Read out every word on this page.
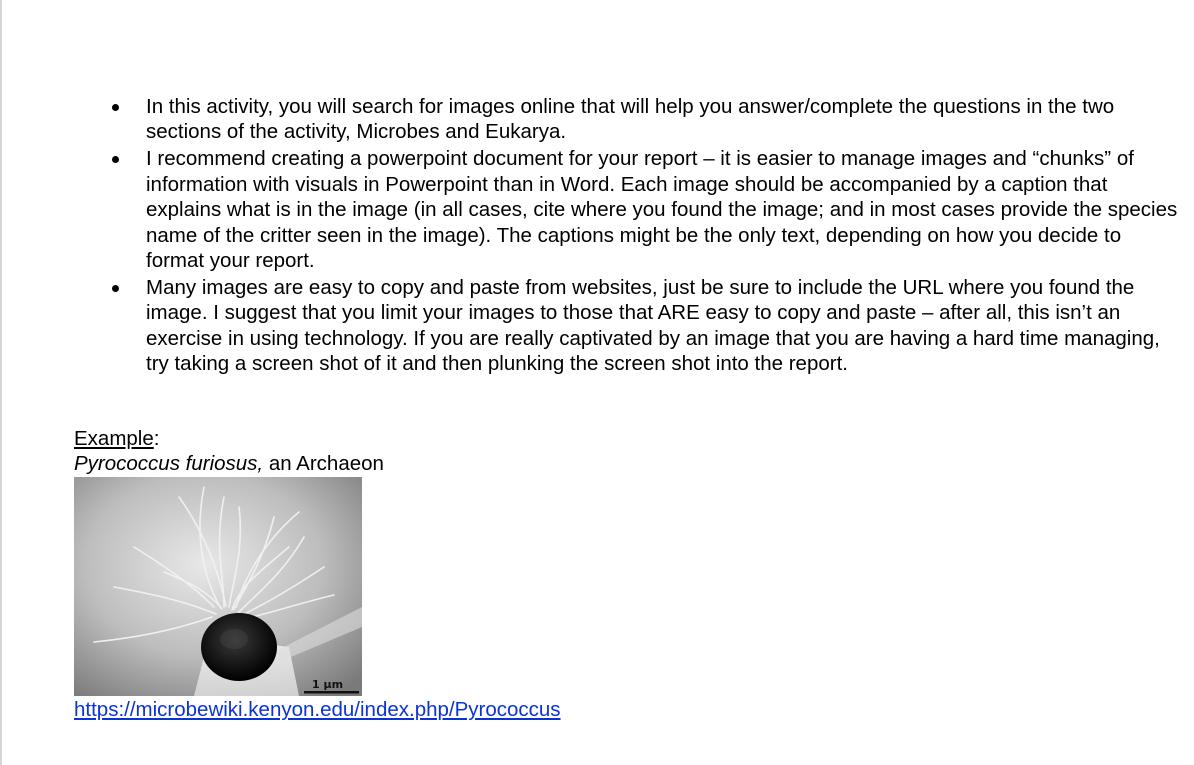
In this activity, you will search for images online that will help you answer/complete the questions in the two sections of the activity, Microbes and Eukarya.
I recommend creating a powerpoint document for your report – it is easier to manage images and “chunks” of information with visuals in Powerpoint than in Word. Each image should be accompanied by a caption that explains what is in the image (in all cases, cite where you found the image; and in most cases provide the species name of the critter seen in the image). The captions might be the only text, depending on how you decide to format your report.
Many images are easy to copy and paste from websites, just be sure to include the URL where you found the image. I suggest that you limit your images to those that ARE easy to copy and paste – after all, this isn’t an exercise in using technology. If you are really captivated by an image that you are having a hard time managing, try taking a screen shot of it and then plunking the screen shot into the report.
Example:
Pyrococcus furiosus, an Archaeon
1 µm
https://microbewiki.kenyon.edu/index.php/Pyrococcus
